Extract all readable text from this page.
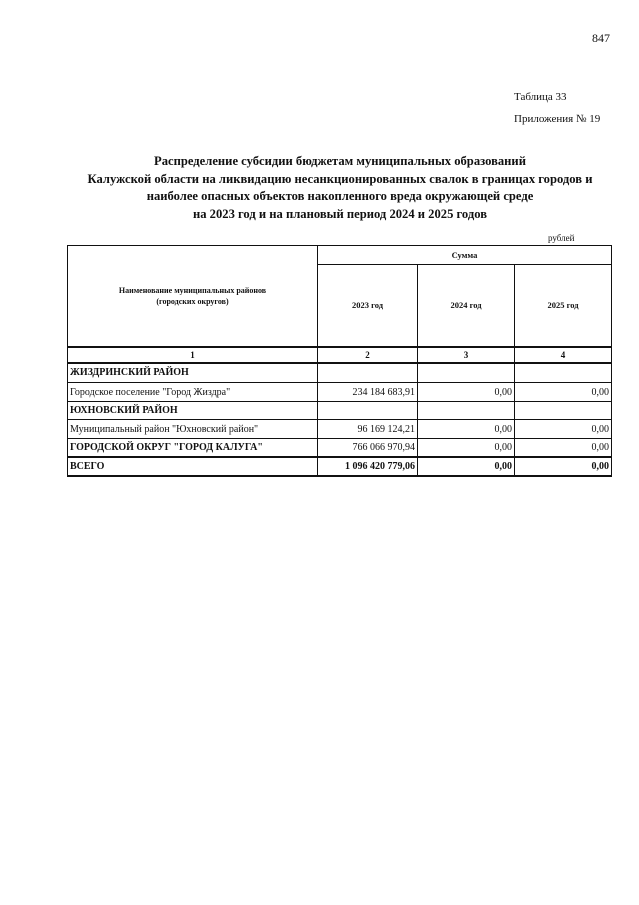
847
Таблица 33
Приложения № 19
Распределение субсидии бюджетам муниципальных образований
Калужской области на ликвидацию несанкционированных свалок в границах городов и
наиболее опасных объектов накопленного вреда окружающей среде
на 2023 год и на плановый период 2024 и 2025 годов
рублей
Наименование муниципальных районов
(городских округов)	Сумма		
	2023 год	2024 год	2025 год
1	2	3	4
ЖИЗДРИНСКИЙ РАЙОН			
Городское поселение "Город Жиздра"	234 184 683,91	0,00	0,00
ЮХНОВСКИЙ РАЙОН			
Муниципальный район "Юхновский район"	96 169 124,21	0,00	0,00
ГОРОДСКОЙ ОКРУГ "ГОРОД КАЛУГА"	766 066 970,94	0,00	0,00
ВСЕГО	1 096 420 779,06	0,00	0,00
